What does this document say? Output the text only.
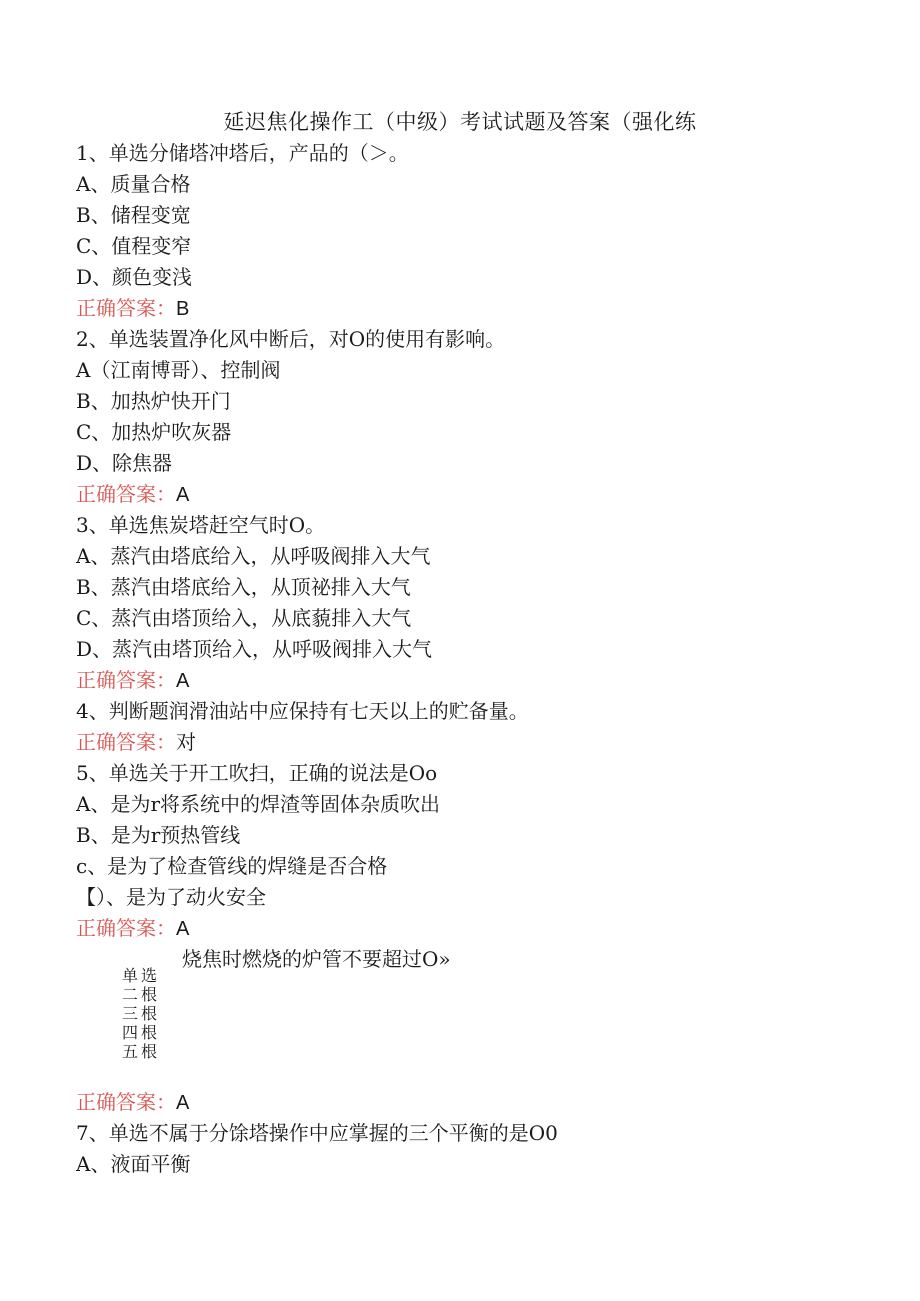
延迟焦化操作工（中级）考试试题及答案（强化练
1、单选分储塔冲塔后，产品的（＞。
A、质量合格
B、储程变宽
C、值程变窄
D、颜色变浅
正确答案：B
2、单选装置净化风中断后，对O的使用有影响。
A（江南博哥）、控制阀
B、加热炉快开门
C、加热炉吹灰器
D、除焦器
正确答案：A
3、单选焦炭塔赶空气时O。
A、蒸汽由塔底给入，从呼吸阀排入大气
B、蒸汽由塔底给入，从顶祕排入大气
C、蒸汽由塔顶给入，从底藐排入大气
D、蒸汽由塔顶给入，从呼吸阀排入大气
正确答案：A
4、判断题润滑油站中应保持有七天以上的贮备量。
正确答案：对
5、单选关于开工吹扫，正确的说法是Oo
A、是为r将系统中的焊渣等固体杂质吹出
B、是为r预热管线
c、是为了检查管线的焊缝是否合格
【）、是为了动火安全
正确答案：A
烧焦时燃烧的炉管不要超过O»
单选
二根
三根
四根
五根
正确答案：A
7、单选不属于分馀塔操作中应掌握的三个平衡的是O0
A、液面平衡
